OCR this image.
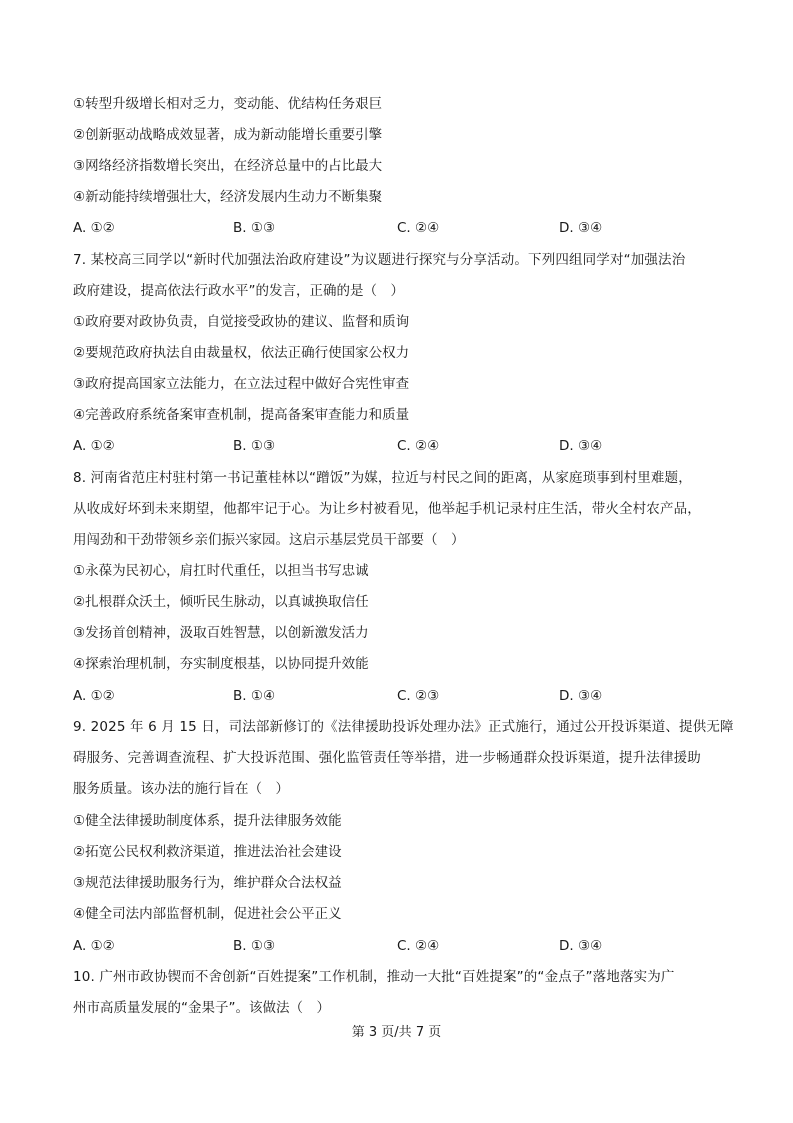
①转型升级增长相对乏力，变动能、优结构任务艰巨
②创新驱动战略成效显著，成为新动能增长重要引擎
③网络经济指数增长突出，在经济总量中的占比最大
④新动能持续增强壮大，经济发展内生动力不断集聚
A. ①②	B. ①③	C. ②④	D. ③④
7. 某校高三同学以“新时代加强法治政府建设”为议题进行探究与分享活动。下列四组同学对“加强法治
政府建设，提高依法行政水平”的发言，正确的是（　）
①政府要对政协负责，自觉接受政协的建议、监督和质询
②要规范政府执法自由裁量权，依法正确行使国家公权力
③政府提高国家立法能力，在立法过程中做好合宪性审查
④完善政府系统备案审查机制，提高备案审查能力和质量
A. ①②	B. ①③	C. ②④	D. ③④
8. 河南省范庄村驻村第一书记董桂林以“蹭饭”为媒，拉近与村民之间的距离，从家庭琐事到村里难题，
从收成好坏到未来期望，他都牢记于心。为让乡村被看见，他举起手机记录村庄生活，带火全村农产品，
用闯劲和干劲带领乡亲们振兴家园。这启示基层党员干部要（　）
①永葆为民初心，肩扛时代重任，以担当书写忠诚
②扎根群众沃土，倾听民生脉动，以真诚换取信任
③发扬首创精神，汲取百姓智慧，以创新激发活力
④探索治理机制，夯实制度根基，以协同提升效能
A. ①②	B. ①④	C. ②③	D. ③④
9. 2025 年 6 月 15 日，司法部新修订的《法律援助投诉处理办法》正式施行，通过公开投诉渠道、提供无障
碍服务、完善调查流程、扩大投诉范围、强化监管责任等举措，进一步畅通群众投诉渠道，提升法律援助
服务质量。该办法的施行旨在（　）
①健全法律援助制度体系，提升法律服务效能
②拓宽公民权利救济渠道，推进法治社会建设
③规范法律援助服务行为，维护群众合法权益
④健全司法内部监督机制，促进社会公平正义
A. ①②	B. ①③	C. ②④	D. ③④
10. 广州市政协锲而不舍创新“百姓提案”工作机制，推动一大批“百姓提案”的“金点子”落地落实为广
州市高质量发展的“金果子”。该做法（　）
第 3 页/共 7 页
